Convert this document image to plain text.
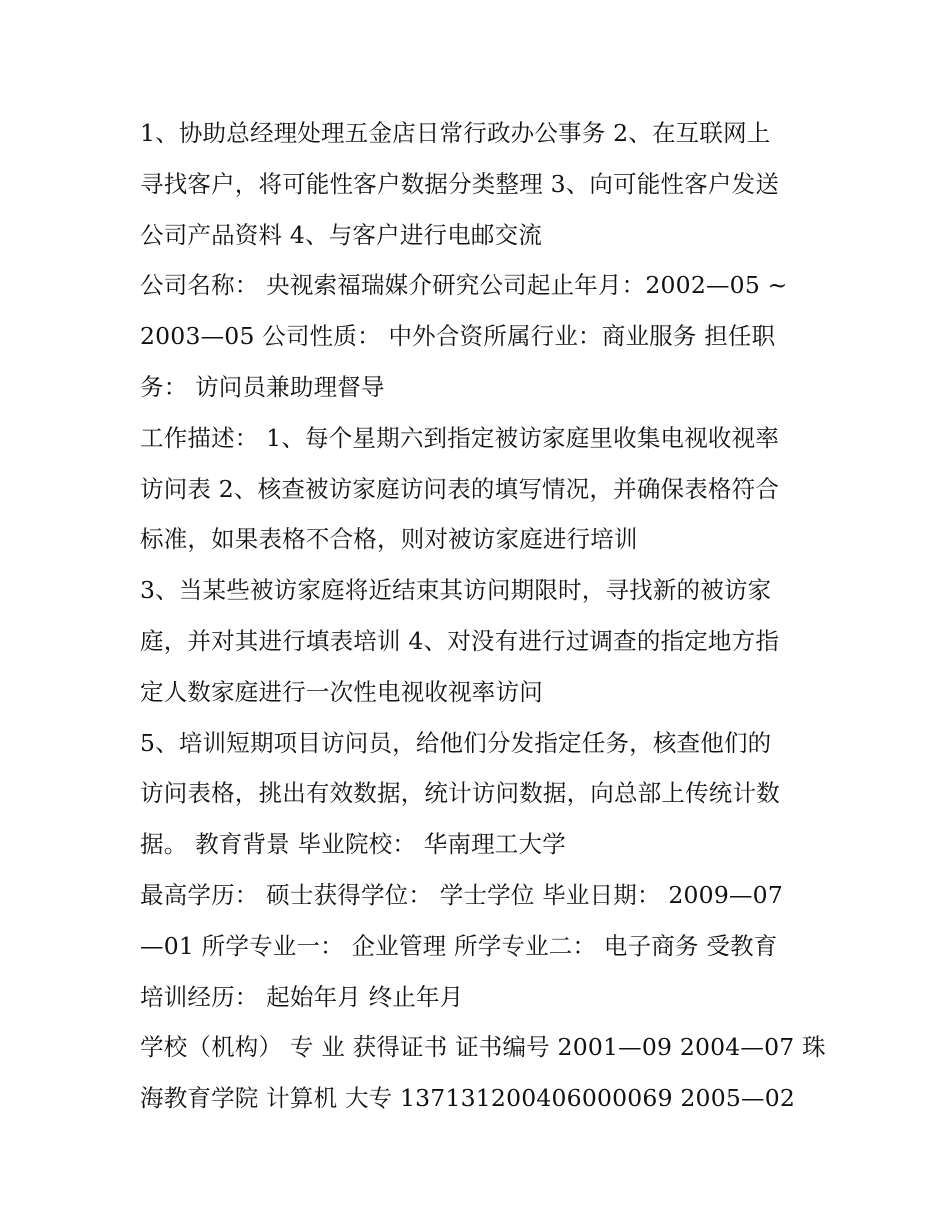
1、协助总经理处理五金店日常行政办公事务 2、在互联网上
寻找客户，将可能性客户数据分类整理 3、向可能性客户发送
公司产品资料 4、与客户进行电邮交流
公司名称： 央视索福瑞媒介研究公司起止年月：2002—05 ~
2003—05 公司性质： 中外合资所属行业：商业服务 担任职
务： 访问员兼助理督导
工作描述： 1、每个星期六到指定被访家庭里收集电视收视率
访问表 2、核查被访家庭访问表的填写情况，并确保表格符合
标准，如果表格不合格，则对被访家庭进行培训
3、当某些被访家庭将近结束其访问期限时，寻找新的被访家
庭，并对其进行填表培训 4、对没有进行过调查的指定地方指
定人数家庭进行一次性电视收视率访问
5、培训短期项目访问员，给他们分发指定任务，核查他们的
访问表格，挑出有效数据，统计访问数据，向总部上传统计数
据。 教育背景 毕业院校： 华南理工大学
最高学历： 硕士获得学位： 学士学位 毕业日期： 2009—07
—01 所学专业一： 企业管理 所学专业二： 电子商务 受教育
培训经历： 起始年月 终止年月
学校（机构） 专 业 获得证书 证书编号 2001—09 2004—07 珠
海教育学院 计算机 大专 137131200406000069 2005—02
